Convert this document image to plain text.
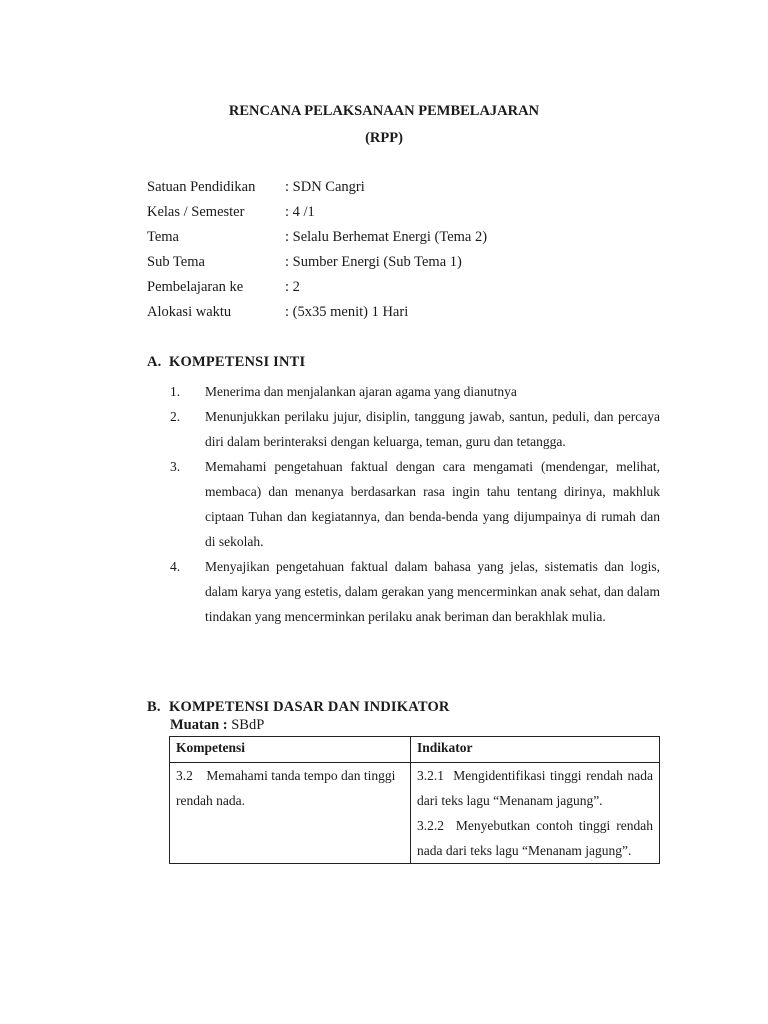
RENCANA PELAKSANAAN PEMBELAJARAN
(RPP)
Satuan Pendidikan	: SDN Cangri
Kelas / Semester	: 4 /1
Tema	: Selalu Berhemat Energi (Tema 2)
Sub Tema	: Sumber Energi (Sub Tema 1)
Pembelajaran ke	: 2
Alokasi waktu	: (5x35 menit) 1 Hari
A. KOMPETENSI INTI
1.	Menerima dan menjalankan ajaran agama yang dianutnya
2.	Menunjukkan perilaku jujur, disiplin, tanggung jawab, santun, peduli, dan percaya diri dalam berinteraksi dengan keluarga, teman, guru dan tetangga.
3.	Memahami pengetahuan faktual dengan cara mengamati (mendengar, melihat, membaca) dan menanya berdasarkan rasa ingin tahu tentang dirinya, makhluk ciptaan Tuhan dan kegiatannya, dan benda-benda yang dijumpainya di rumah dan di sekolah.
4.	Menyajikan pengetahuan faktual dalam bahasa yang jelas, sistematis dan logis, dalam karya yang estetis, dalam gerakan yang mencerminkan anak sehat, dan dalam tindakan yang mencerminkan perilaku anak beriman dan berakhlak mulia.
B. KOMPETENSI DASAR DAN INDIKATOR
Muatan : SBdP
Kompetensi	Indikator
3.2    Memahami tanda tempo dan tinggi rendah nada.	3.2.1  Mengidentifikasi tinggi rendah nada dari teks lagu “Menanam jagung”.

3.2.2  Menyebutkan contoh tinggi rendah nada dari teks lagu “Menanam jagung”.
